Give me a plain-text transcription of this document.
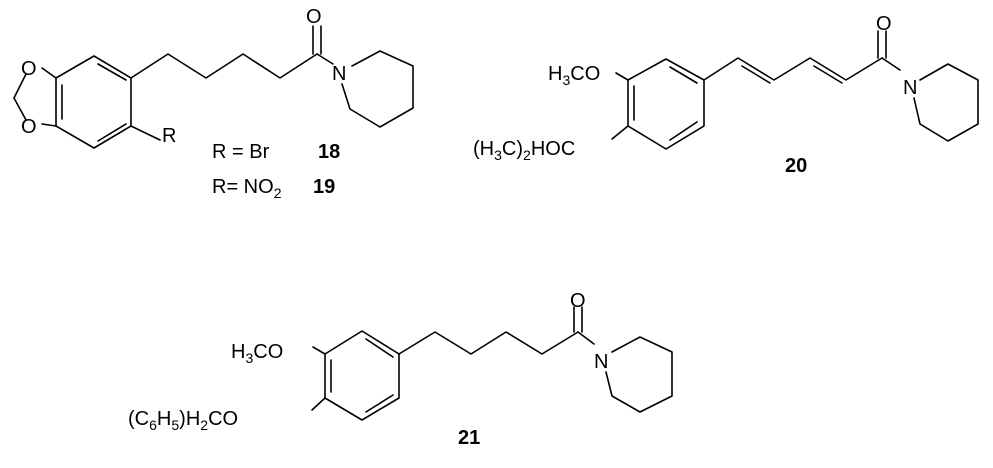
O
O
O
N
R
R = Br 18
$R= NO_2$ 19
$H_3CO$
$(H_3C)_2HOC$
O
N
20
$H_3CO$
$(C_6H_5)H_2CO$
O
N
21
